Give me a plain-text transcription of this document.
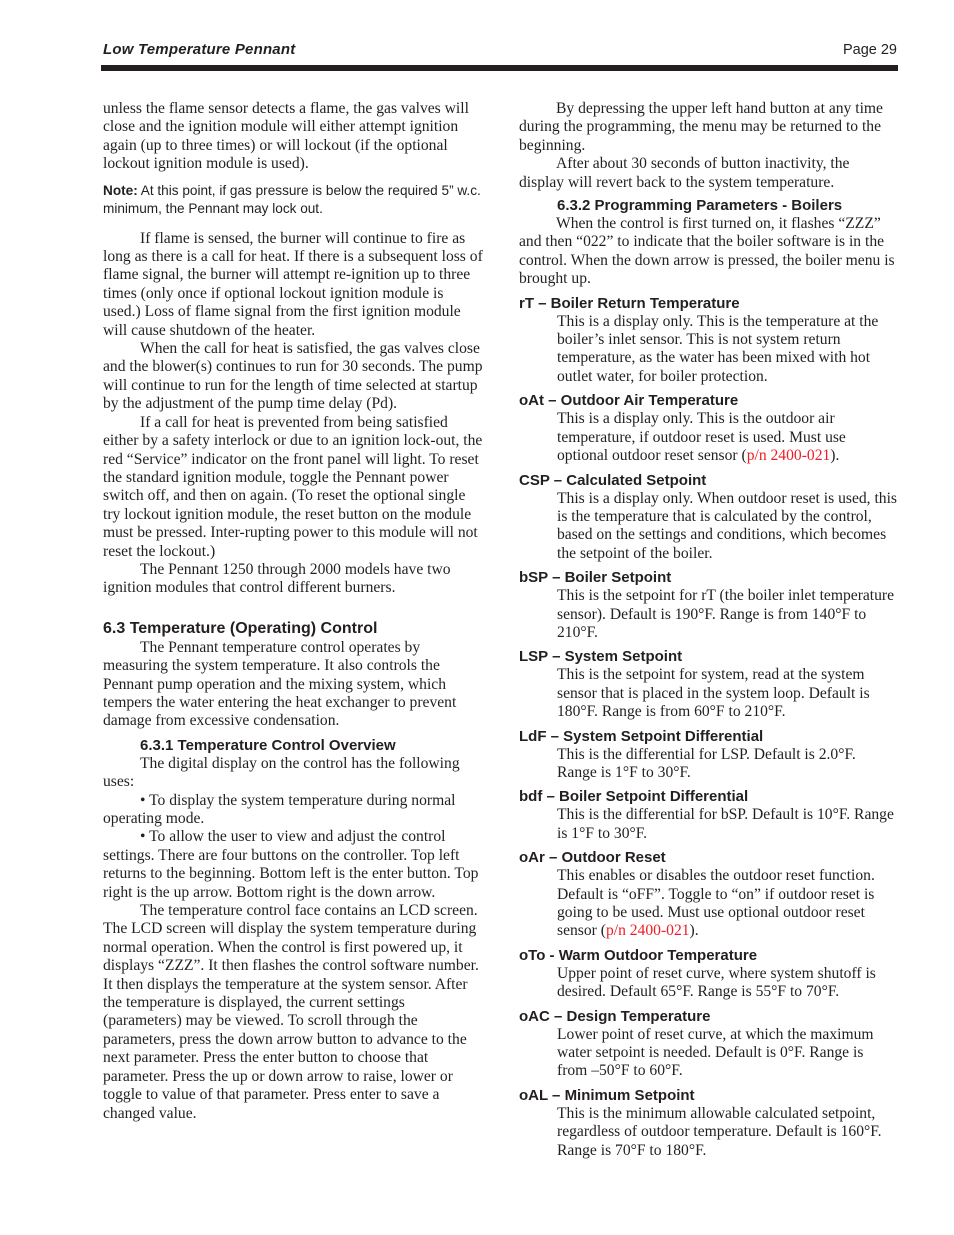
Low Temperature Pennant	Page 29

unless the flame sensor detects a flame, the gas valves will close and the ignition module will either attempt ignition again (up to three times) or will lockout (if the optional lockout ignition module is used).

Note: At this point, if gas pressure is below the required 5” w.c. minimum, the Pennant may lock out.

If flame is sensed, the burner will continue to fire as long as there is a call for heat. If there is a subsequent loss of flame signal, the burner will attempt re-ignition up to three times (only once if optional lockout ignition module is used.) Loss of flame signal from the first ignition module will cause shutdown of the heater.

When the call for heat is satisfied, the gas valves close and the blower(s) continues to run for 30 seconds. The pump will continue to run for the length of time selected at startup by the adjustment of the pump time delay (Pd).

If a call for heat is prevented from being satisfied either by a safety interlock or due to an ignition lock-out, the red “Service” indicator on the front panel will light. To reset the standard ignition module, toggle the Pennant power switch off, and then on again. (To reset the optional single try lockout ignition module, the reset button on the module must be pressed. Inter-rupting power to this module will not reset the lockout.)

The Pennant 1250 through 2000 models have two ignition modules that control different burners.

6.3 Temperature (Operating) Control

The Pennant temperature control operates by measuring the system temperature. It also controls the Pennant pump operation and the mixing system, which tempers the water entering the heat exchanger to prevent damage from excessive condensation.

6.3.1 Temperature Control Overview

The digital display on the control has the following uses:

• To display the system temperature during normal operating mode.

• To allow the user to view and adjust the control settings. There are four buttons on the controller. Top left returns to the beginning. Bottom left is the enter button. Top right is the up arrow. Bottom right is the down arrow.

The temperature control face contains an LCD screen. The LCD screen will display the system temperature during normal operation. When the control is first powered up, it displays “ZZZ”. It then flashes the control software number. It then displays the temperature at the system sensor. After the temperature is displayed, the current settings (parameters) may be viewed. To scroll through the parameters, press the down arrow button to advance to the next parameter. Press the enter button to choose that parameter. Press the up or down arrow to raise, lower or toggle to value of that parameter. Press enter to save a changed value.

By depressing the upper left hand button at any time during the programming, the menu may be returned to the beginning.

After about 30 seconds of button inactivity, the display will revert back to the system temperature.

6.3.2 Programming Parameters - Boilers

When the control is first turned on, it flashes “ZZZ” and then “022” to indicate that the boiler software is in the control. When the down arrow is pressed, the boiler menu is brought up.

rT – Boiler Return Temperature

This is a display only. This is the temperature at the boiler’s inlet sensor. This is not system return temperature, as the water has been mixed with hot outlet water, for boiler protection.

oAt – Outdoor Air Temperature

This is a display only. This is the outdoor air temperature, if outdoor reset is used. Must use optional outdoor reset sensor (p/n 2400-021).

CSP – Calculated Setpoint

This is a display only. When outdoor reset is used, this is the temperature that is calculated by the control, based on the settings and conditions, which becomes the setpoint of the boiler.

bSP – Boiler Setpoint

This is the setpoint for rT (the boiler inlet temperature sensor). Default is 190°F. Range is from 140°F to 210°F.

LSP – System Setpoint

This is the setpoint for system, read at the system sensor that is placed in the system loop. Default is 180°F. Range is from 60°F to 210°F.

LdF – System Setpoint Differential

This is the differential for LSP. Default is 2.0°F. Range is 1°F to 30°F.

bdf – Boiler Setpoint Differential

This is the differential for bSP. Default is 10°F. Range is 1°F to 30°F.

oAr – Outdoor Reset

This enables or disables the outdoor reset function. Default is “oFF”. Toggle to “on” if outdoor reset is going to be used. Must use optional outdoor reset sensor (p/n 2400-021).

oTo - Warm Outdoor Temperature

Upper point of reset curve, where system shutoff is desired. Default 65°F. Range is 55°F to 70°F.

oAC – Design Temperature

Lower point of reset curve, at which the maximum water setpoint is needed. Default is 0°F. Range is from –50°F to 60°F.

oAL – Minimum Setpoint

This is the minimum allowable calculated setpoint, regardless of outdoor temperature. Default is 160°F. Range is 70°F to 180°F.
